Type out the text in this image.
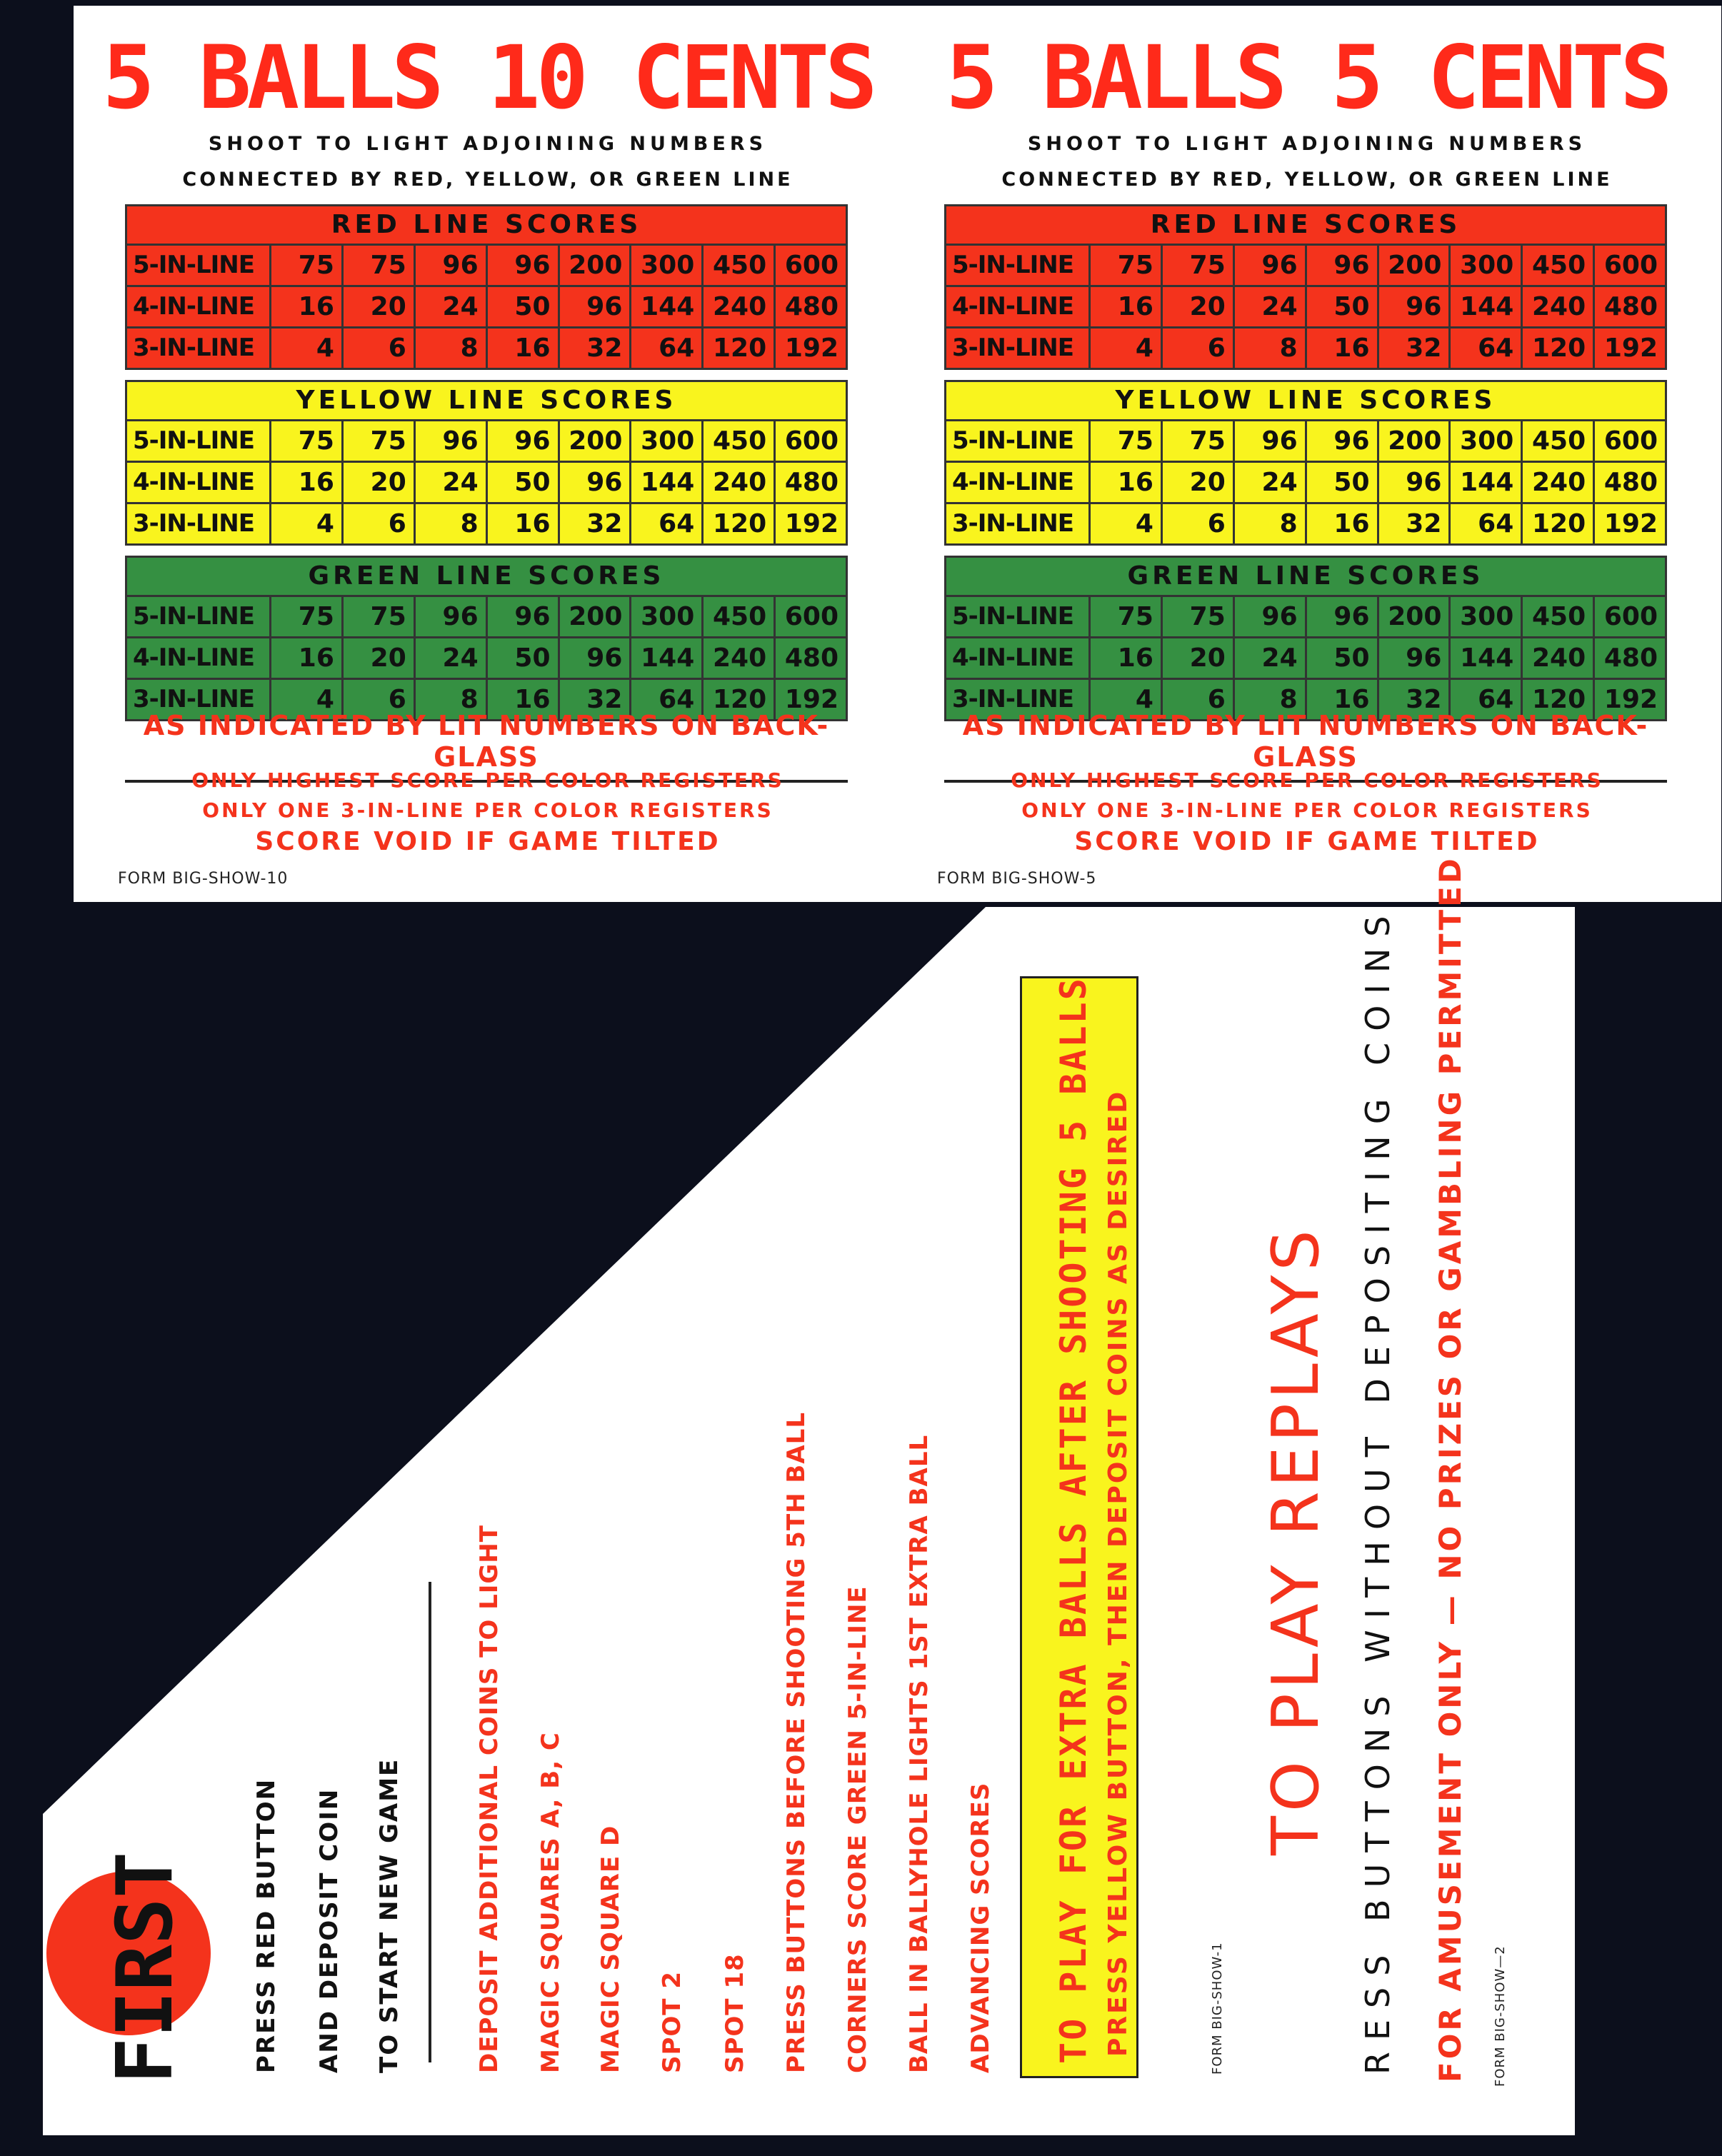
5 BALLS 10 CENTS
SHOOT TO LIGHT ADJOINING NUMBERS
CONNECTED BY RED, YELLOW, OR GREEN LINE
RED LINE SCORES
5-IN-LINE	75	75	96	96 200 300 450 600
4-IN-LINE	16	20	24	50	96 144 240 480
3-IN-LINE	4	6	8	16	32	64 120 192
YELLOW LINE SCORES
5-IN-LINE	75	75	96	96 200 300 450 600
4-IN-LINE	16	20	24	50	96 144 240 480
3-IN-LINE	4	6	8	16	32	64 120 192
GREEN LINE SCORES
5-IN-LINE	75	75	96	96 200 300 450 600
4-IN-LINE	16	20	24	50	96 144 240 480
3-IN-LINE	4	6	8	16	32	64 120 192
AS INDICATED BY LIT NUMBERS ON BACK-GLASS
ONLY HIGHEST SCORE PER COLOR REGISTERS
ONLY ONE 3-IN-LINE PER COLOR REGISTERS
SCORE VOID IF GAME TILTED
FORM BIG-SHOW-10
5 BALLS 5 CENTS
SHOOT TO LIGHT ADJOINING NUMBERS
CONNECTED BY RED, YELLOW, OR GREEN LINE
RED LINE SCORES
5-IN-LINE	75	75	96	96 200 300 450 600
4-IN-LINE	16	20	24	50	96 144 240 480
3-IN-LINE	4	6	8	16	32	64 120 192
YELLOW LINE SCORES
5-IN-LINE	75	75	96	96 200 300 450 600
4-IN-LINE	16	20	24	50	96 144 240 480
3-IN-LINE	4	6	8	16	32	64 120 192
GREEN LINE SCORES
5-IN-LINE	75	75	96	96 200 300 450 600
4-IN-LINE	16	20	24	50	96 144 240 480
3-IN-LINE	4	6	8	16	32	64 120 192
AS INDICATED BY LIT NUMBERS ON BACK-GLASS
ONLY HIGHEST SCORE PER COLOR REGISTERS
ONLY ONE 3-IN-LINE PER COLOR REGISTERS
SCORE VOID IF GAME TILTED
FORM BIG-SHOW-5
FIRST	PRESS RED BUTTON AND DEPOSIT COIN TO START NEW GAME	DEPOSIT ADDITIONAL COINS TO LIGHT MAGIC SQUARES A, B, C MAGIC SQUARE D SPOT 2 SPOT 18 PRESS BUTTONS BEFORE SHOOTING 5TH BALL CORNERS SCORE GREEN 5-IN-LINE BALL IN BALLYHOLE LIGHTS 1ST EXTRA BALL ADVANCING SCORES TO PLAY FOR EXTRA BALLS AFTER SHOOTING 5 BALLS PRESS YELLOW BUTTON, THEN DEPOSIT COINS AS DESIRED	FORM BIG-SHOW-1
TO PLAY REPLAYS RESS BUTTONS WITHOUT DEPOSITING COINS FOR AMUSEMENT ONLY — NO PRIZES OR GAMBLING PERMITTED FORM BIG-SHOW—2
